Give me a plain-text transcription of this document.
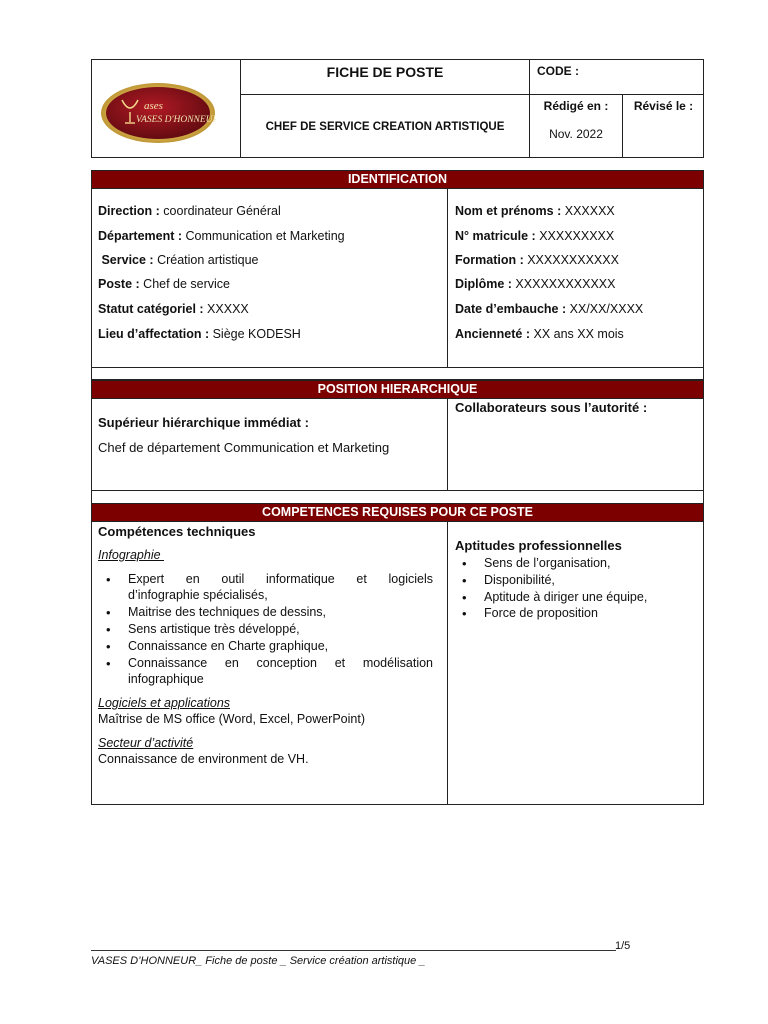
ases
VASES D'HONNEUR
FICHE DE POSTE	CODE :
CHEF DE SERVICE CREATION ARTISTIQUE
Rédigé en :
Nov. 2022
Révisé le :
IDENTIFICATION
Direction : coordinateur Général
Département : Communication et Marketing
Service : Création artistique
Poste : Chef de service
Statut catégoriel : XXXXX
Lieu d’affectation : Siège KODESH
Nom et prénoms : XXXXXX
N° matricule : XXXXXXXXX
Formation : XXXXXXXXXXX
Diplôme : XXXXXXXXXXXX
Date d’embauche : XX/XX/XXXX
Ancienneté : XX ans XX mois
POSITION HIERARCHIQUE
Supérieur hiérarchique immédiat :
Chef de département Communication et Marketing
Collaborateurs sous l’autorité :
COMPETENCES REQUISES POUR CE POSTE
Compétences techniques
Infographie
• Expert en outil informatique et logiciels
d’infographie spécialisés,
• Maitrise des techniques de dessins,
• Sens artistique très développé,
• Connaissance en Charte graphique,
• Connaissance en conception et modélisation
infographique
Logiciels et applications
Maîtrise de MS office (Word, Excel, PowerPoint)
Secteur d’activité
Connaissance de environment de VH.
Aptitudes professionnelles
• Sens de l’organisation,
• Disponibilité,
• Aptitude à diriger une équipe,
• Force de proposition
1/5
VASES D’HONNEUR_ Fiche de poste _ Service création artistique _
